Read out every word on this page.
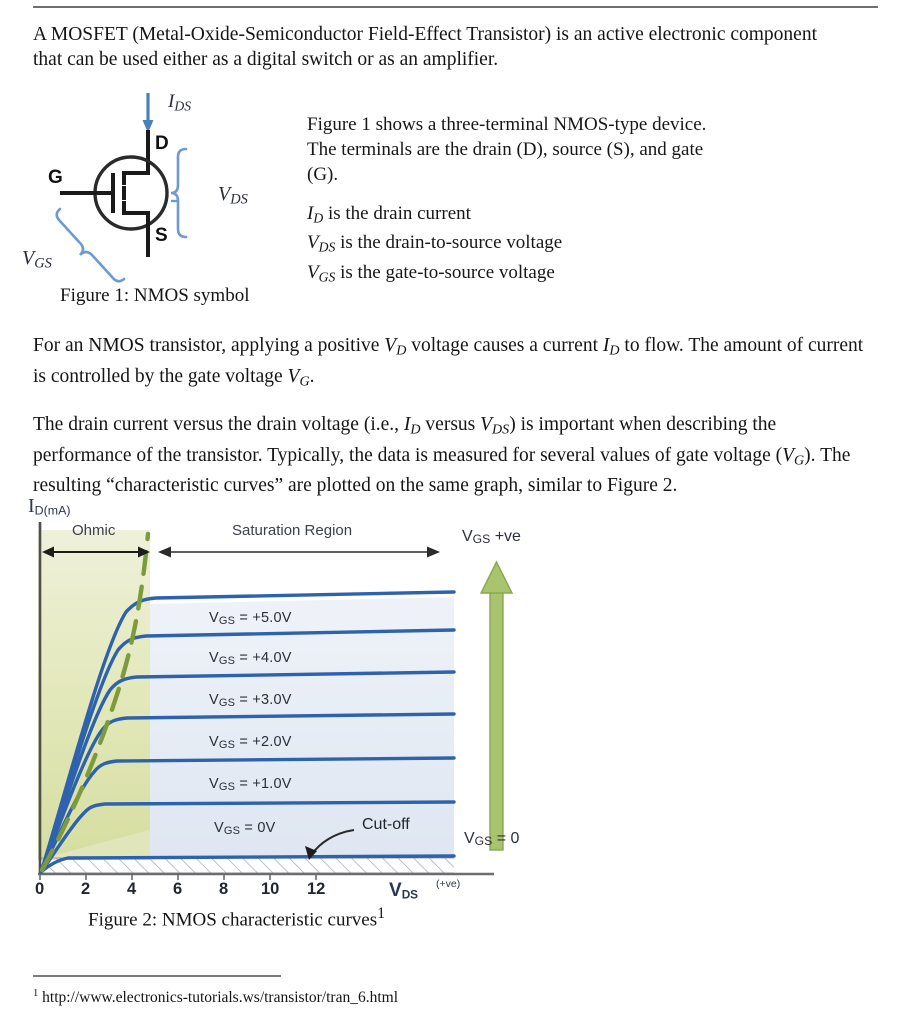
A MOSFET (Metal-Oxide-Semiconductor Field-Effect Transistor) is an active electronic component that can be used either as a digital switch or as an amplifier.
$I_{DS}$
D
S
G
$V_{DS}$
$V_{GS}$
Figure 1: NMOS symbol
Figure 1 shows a three-terminal NMOS-type device. The terminals are the drain (D), source (S), and gate (G).
$I_D$ is the drain current
$V_{DS}$ is the drain-to-source voltage
$V_{GS}$ is the gate-to-source voltage
For an NMOS transistor, applying a positive $V_D$ voltage causes a current $I_D$ to flow. The amount of current is controlled by the gate voltage $V_G$.
The drain current versus the drain voltage (i.e., $I_D$ versus $V_{DS}$) is important when describing the performance of the transistor. Typically, the data is measured for several values of gate voltage $(V_G)$. The resulting “characteristic curves” are plotted on the same graph, similar to Figure 2.
ID(mA)
Ohmic	Saturation Region
VGS = +5.0V
VGS = +4.0V
VGS = +3.0V
VGS = +2.0V
VGS = +1.0V
VGS = 0V	Cut-off
VGS +ve
VGS = 0
0 2 4 6 8 10 12	VDS
(+ve)
Figure 2: NMOS characteristic curves$^1$
$^1$ http://www.electronics-tutorials.ws/transistor/tran_6.html
